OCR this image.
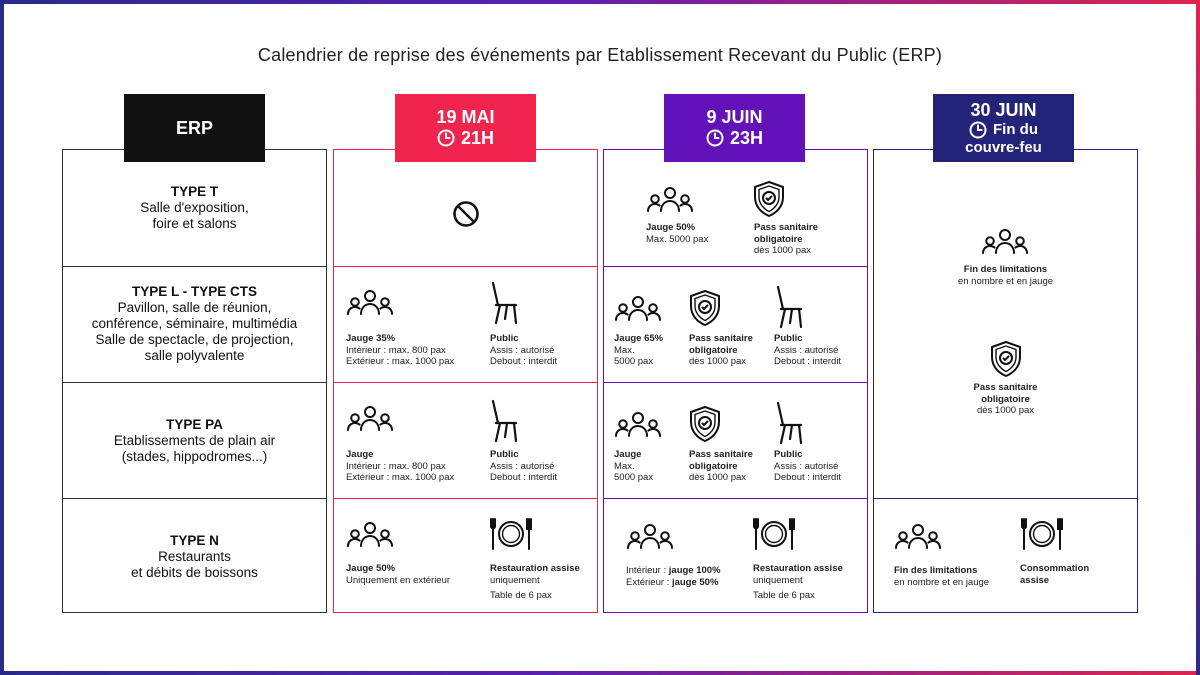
Calendrier de reprise des événements par Etablissement Recevant du Public (ERP)
TYPE T
Salle d'exposition,
foire et salons
TYPE L - TYPE CTS
Pavillon, salle de réunion,
conférence, séminaire, multimédia
Salle de spectacle, de projection,
salle polyvalente
TYPE PA
Etablissements de plain air
(stades, hippodromes...)
TYPE N
Restaurants
et débits de boissons
ERP
Jauge 35%
Intérieur : max. 800 pax
Extérieur : max. 1000 pax
Public
Assis : autorisé
Debout : interdit
Jauge
Intérieur : max. 800 pax
Extérieur : max. 1000 pax
Public
Assis : autorisé
Debout : interdit
Jauge 50%
Uniquement en extérieur
Restauration assise
uniquement
Table de 6 pax
19 MAI
21H
Jauge 50%
Max. 5000 pax
Pass sanitaire
obligatoire
dès 1000 pax
Jauge 65%
Max.
5000 pax
Pass sanitaire
obligatoire
dès 1000 pax
Public
Assis : autorisé
Debout : interdit
Jauge
Max.
5000 pax
Pass sanitaire
obligatoire
dès 1000 pax
Public
Assis : autorisé
Debout : interdit
Intérieur : jauge 100%
Extérieur : jauge 50%
Restauration assise
uniquement
Table de 6 pax
9 JUIN
23H
Fin des limitations
en nombre et en jauge
Pass sanitaire
obligatoire
dès 1000 pax
Fin des limitations
en nombre et en jauge
Consommation
assise
30 JUIN
Fin du
couvre-feu
